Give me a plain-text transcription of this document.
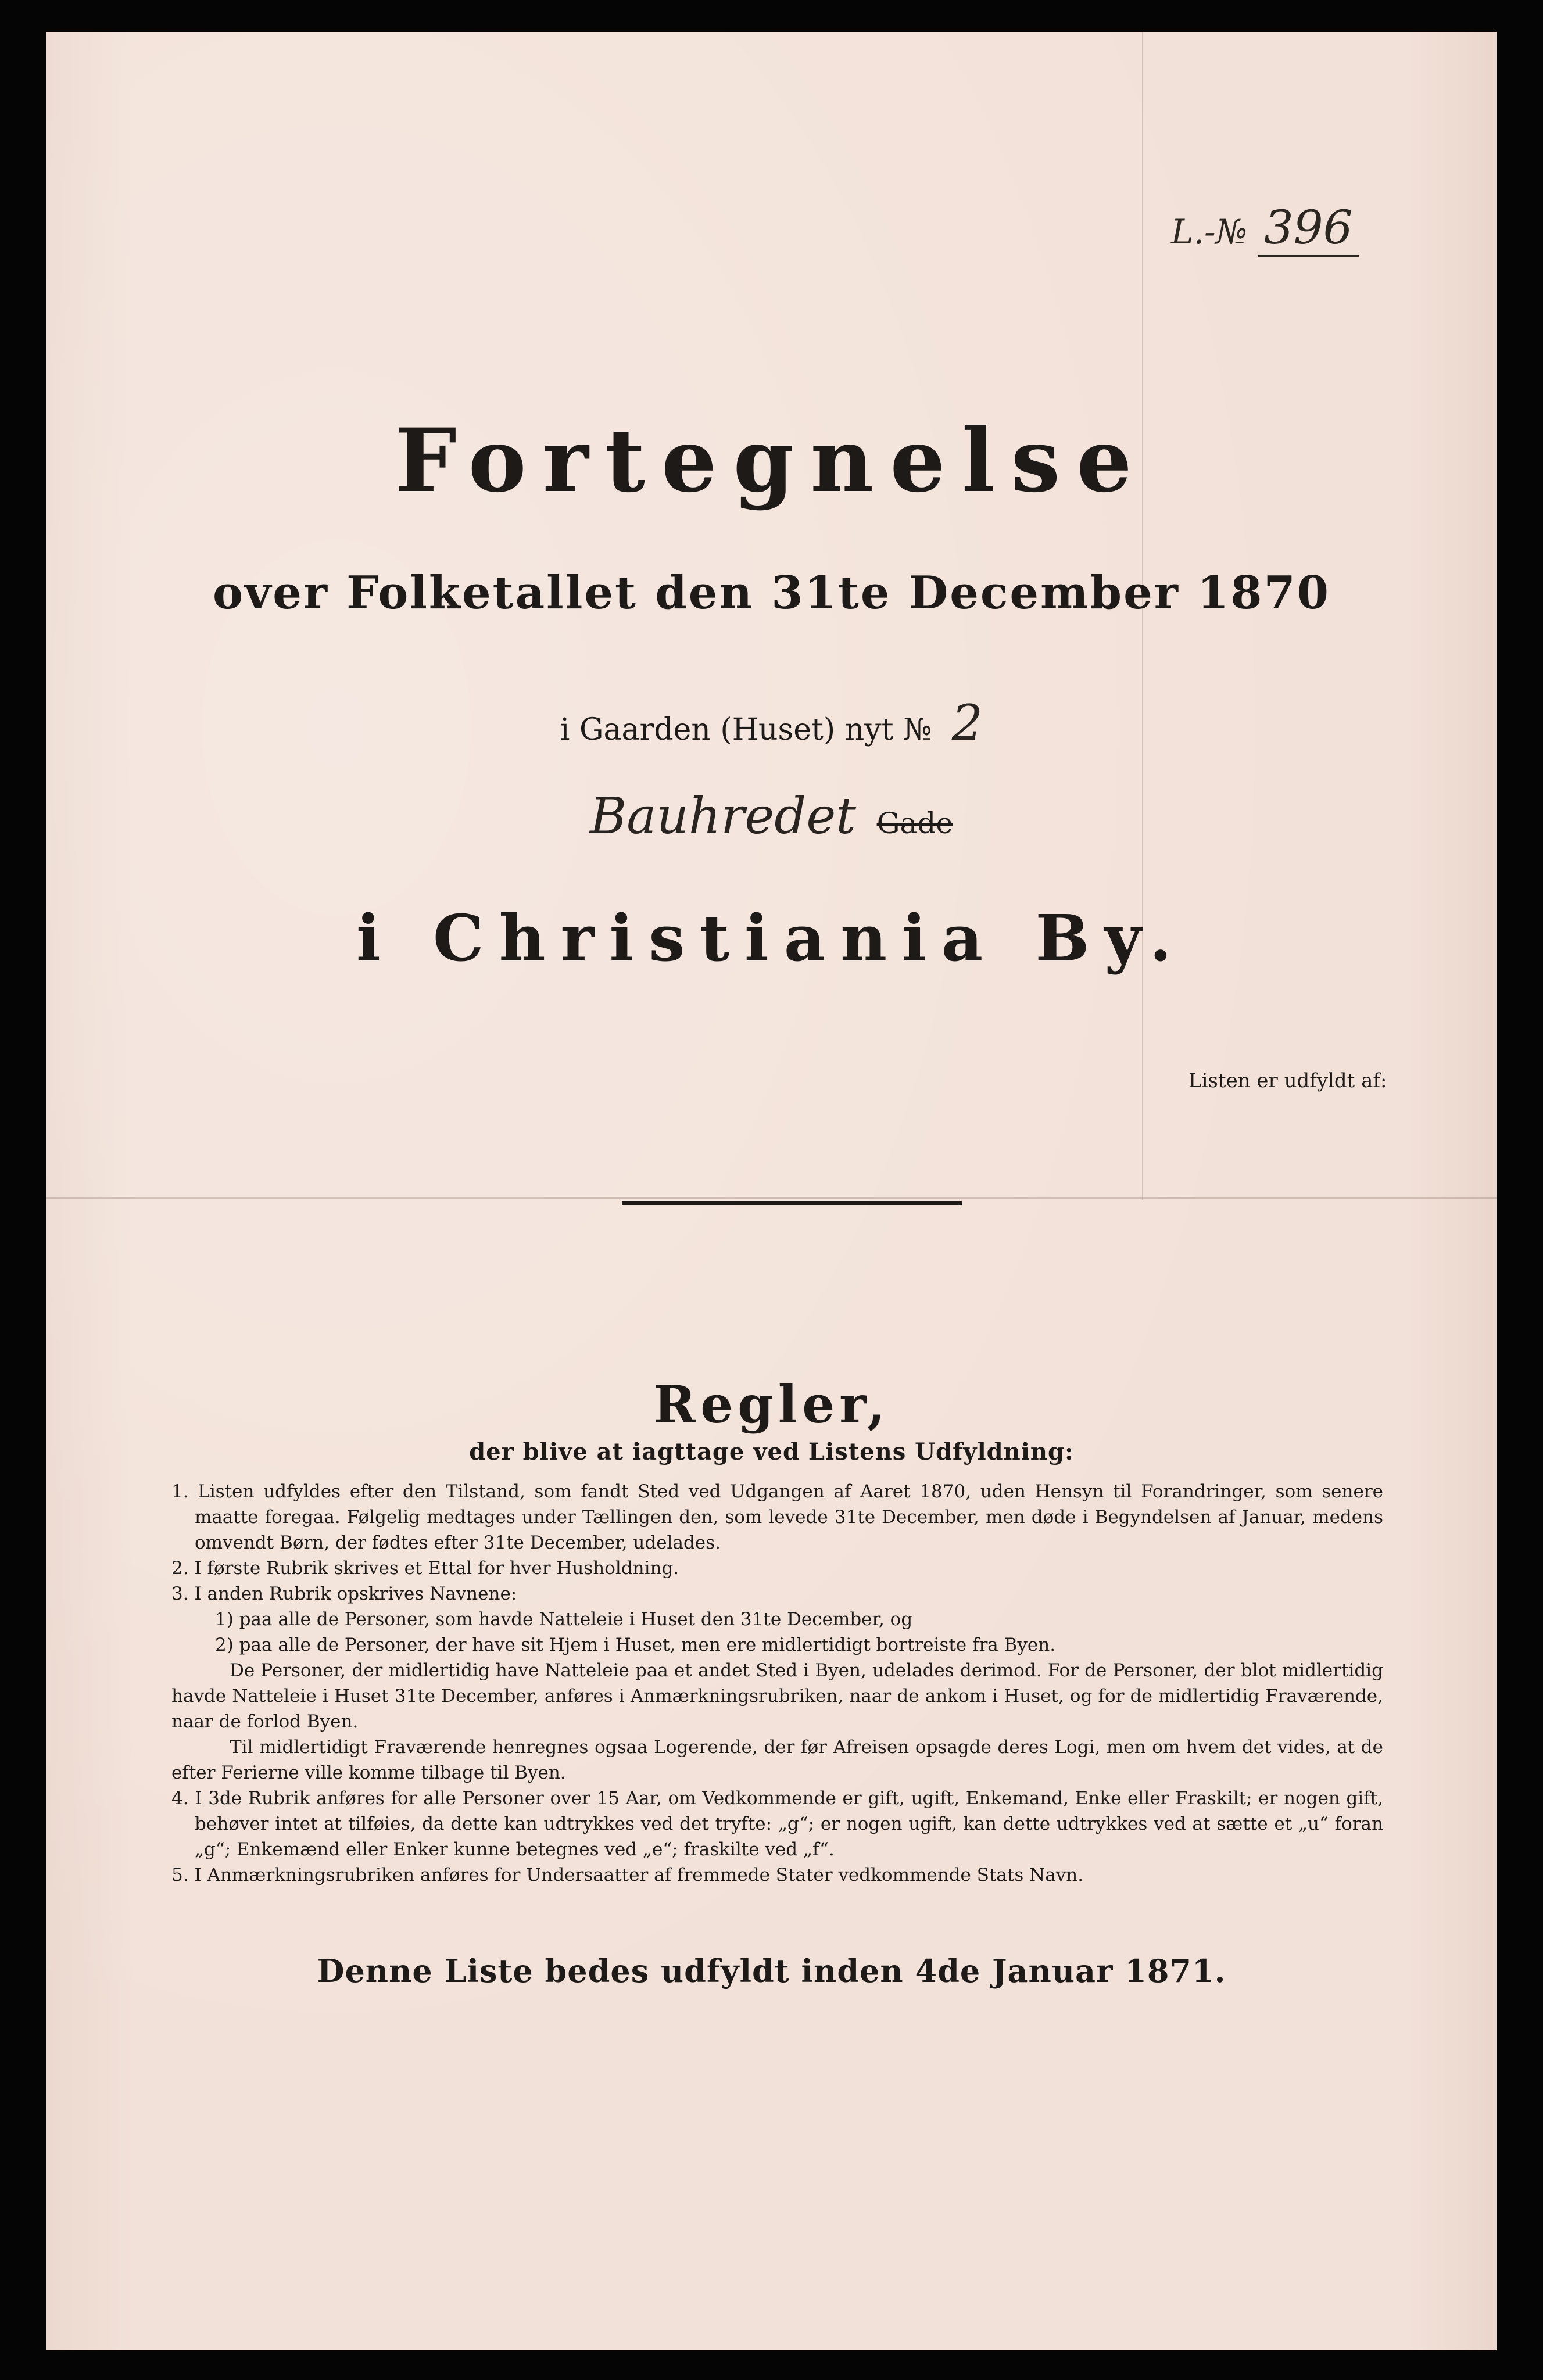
L.-№ 396
Fortegnelse
over Folketallet den 31te December 1870
i Gaarden (Huset) nyt № 2
Bauhredet Gade
i Christiania By.
Listen er udfyldt af:
Regler,
der blive at iagttage ved Listens Udfyldning:

1. Listen udfyldes efter den Tilstand, som fandt Sted ved Udgangen af Aaret 1870, uden Hensyn til Forandringer, som senere maatte foregaa. Følgelig medtages under Tællingen den, som levede 31te December, men døde i Begyndelsen af Januar, medens omvendt Børn, der fødtes efter 31te December, udelades.

2. I første Rubrik skrives et Ettal for hver Husholdning.

3. I anden Rubrik opskrives Navnene:

1) paa alle de Personer, som havde Natteleie i Huset den 31te December, og

2) paa alle de Personer, der have sit Hjem i Huset, men ere midlertidigt bortreiste fra Byen.

De Personer, der midlertidig have Natteleie paa et andet Sted i Byen, udelades derimod. For de Personer, der blot midlertidig havde Natteleie i Huset 31te December, anføres i Anmærkningsrubriken, naar de ankom i Huset, og for de midlertidig Fraværende, naar de forlod Byen.

Til midlertidigt Fraværende henregnes ogsaa Logerende, der før Afreisen opsagde deres Logi, men om hvem det vides, at de efter Ferierne ville komme tilbage til Byen.

4. I 3de Rubrik anføres for alle Personer over 15 Aar, om Vedkommende er gift, ugift, Enkemand, Enke eller Fraskilt; er nogen gift, behøver intet at tilføies, da dette kan udtrykkes ved det tryfte: „g“; er nogen ugift, kan dette udtrykkes ved at sætte et „u“ foran „g“; Enkemænd eller Enker kunne betegnes ved „e“; fraskilte ved „f“.

5. I Anmærkningsrubriken anføres for Undersaatter af fremmede Stater vedkommende Stats Navn.

Denne Liste bedes udfyldt inden 4de Januar 1871.
